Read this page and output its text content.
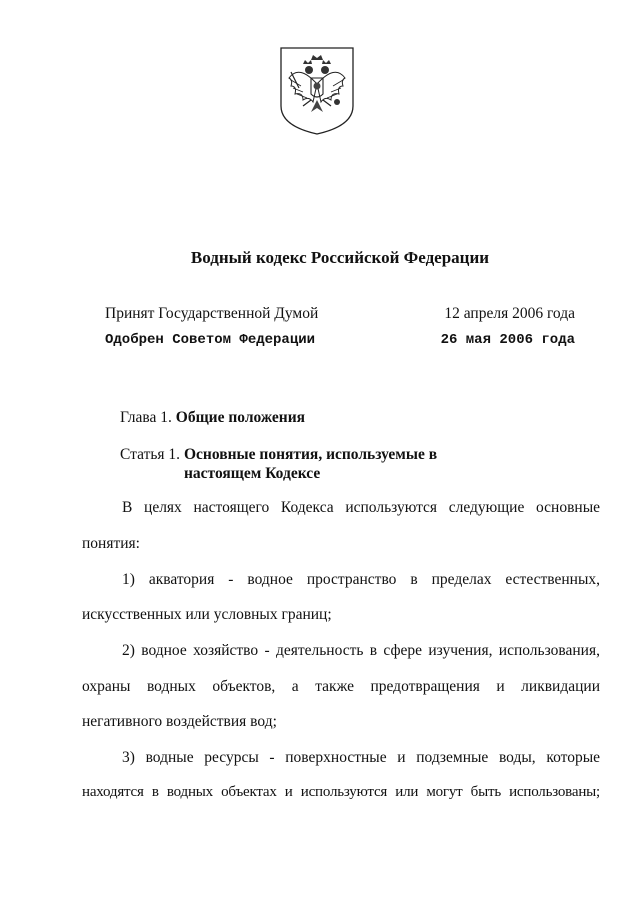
Водный кодекс Российской Федерации
Принят Государственной Думой	12 апреля 2006 года
Одобрен Советом Федерации	26 мая 2006 года
Глава 1. Общие положения
Статья 1. Основные понятия, используемые в
настоящем Кодексе
В целях настоящего Кодекса используются следующие основные
понятия:
1) акватория - водное пространство в пределах естественных,
искусственных или условных границ;
2) водное хозяйство - деятельность в сфере изучения, использования,
охраны водных объектов, а также предотвращения и ликвидации
негативного воздействия вод;
3) водные ресурсы - поверхностные и подземные воды, которые
находятся в водных объектах и используются или могут быть использованы;
